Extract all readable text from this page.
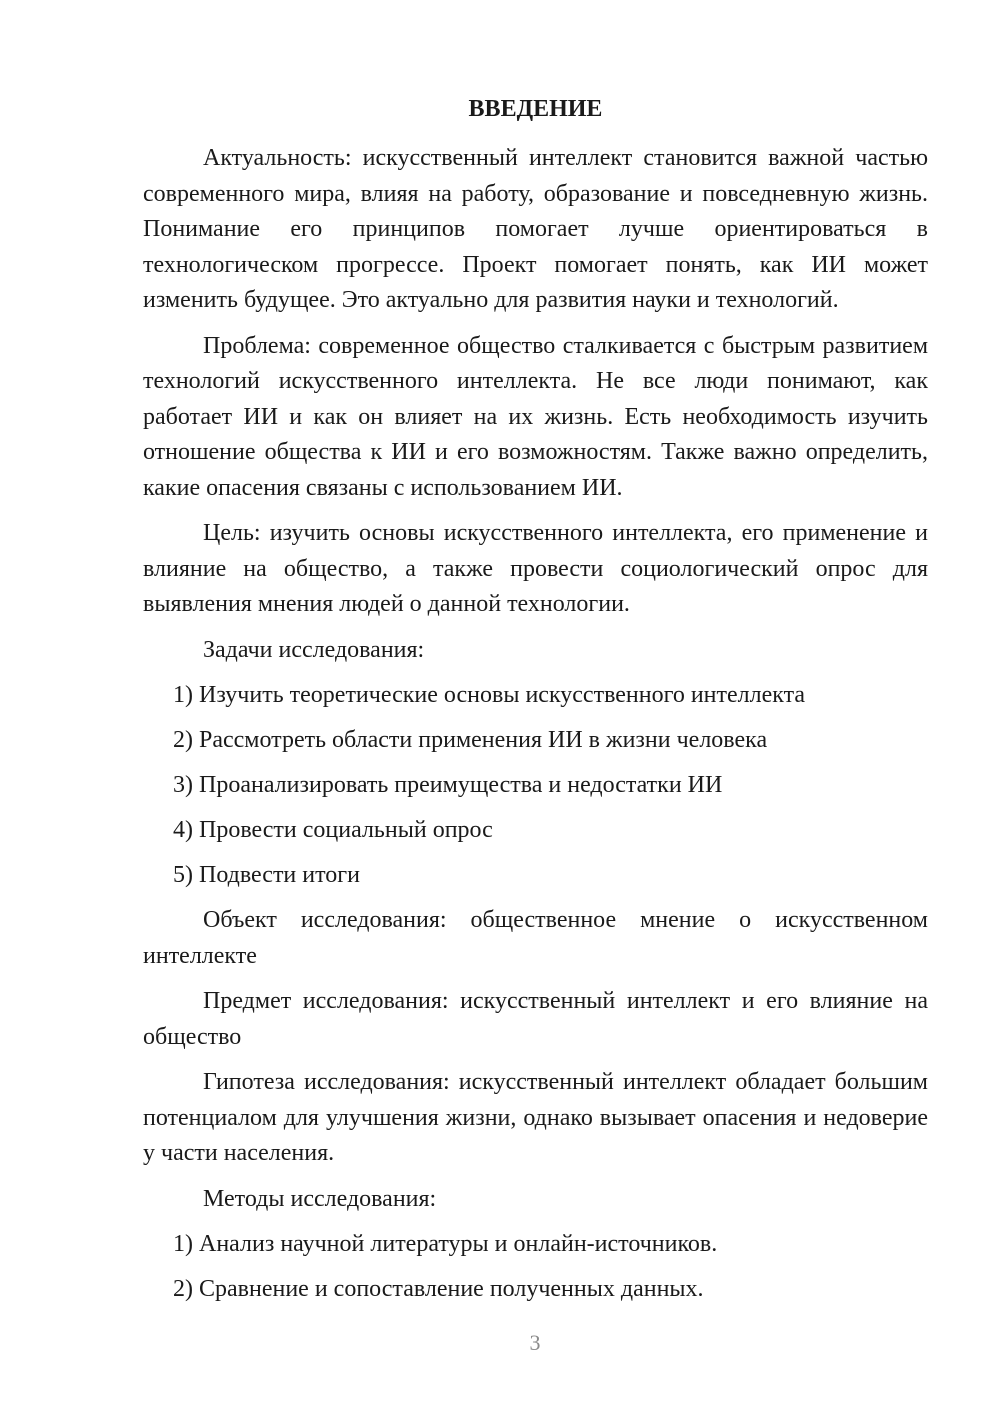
ВВЕДЕНИЕ

Актуальность: искусственный интеллект становится важной частью современного мира, влияя на работу, образование и повседневную жизнь. Понимание его принципов помогает лучше ориентироваться в технологическом прогрессе. Проект помогает понять, как ИИ может изменить будущее. Это актуально для развития науки и технологий.

Проблема: современное общество сталкивается с быстрым развитием технологий искусственного интеллекта. Не все люди понимают, как работает ИИ и как он влияет на их жизнь. Есть необходимость изучить отношение общества к ИИ и его возможностям. Также важно определить, какие опасения связаны с использованием ИИ.

Цель: изучить основы искусственного интеллекта, его применение и влияние на общество, а также провести социологический опрос для выявления мнения людей о данной технологии.

Задачи исследования:

1) Изучить теоретические основы искусственного интеллекта
2) Рассмотреть области применения ИИ в жизни человека
3) Проанализировать преимущества и недостатки ИИ
4) Провести социальный опрос
5) Подвести итоги

Объект исследования: общественное мнение о искусственном интеллекте

Предмет исследования: искусственный интеллект и его влияние на общество

Гипотеза исследования: искусственный интеллект обладает большим потенциалом для улучшения жизни, однако вызывает опасения и недоверие у части населения.

Методы исследования:

1) Анализ научной литературы и онлайн-источников.
2) Сравнение и сопоставление полученных данных.
3
